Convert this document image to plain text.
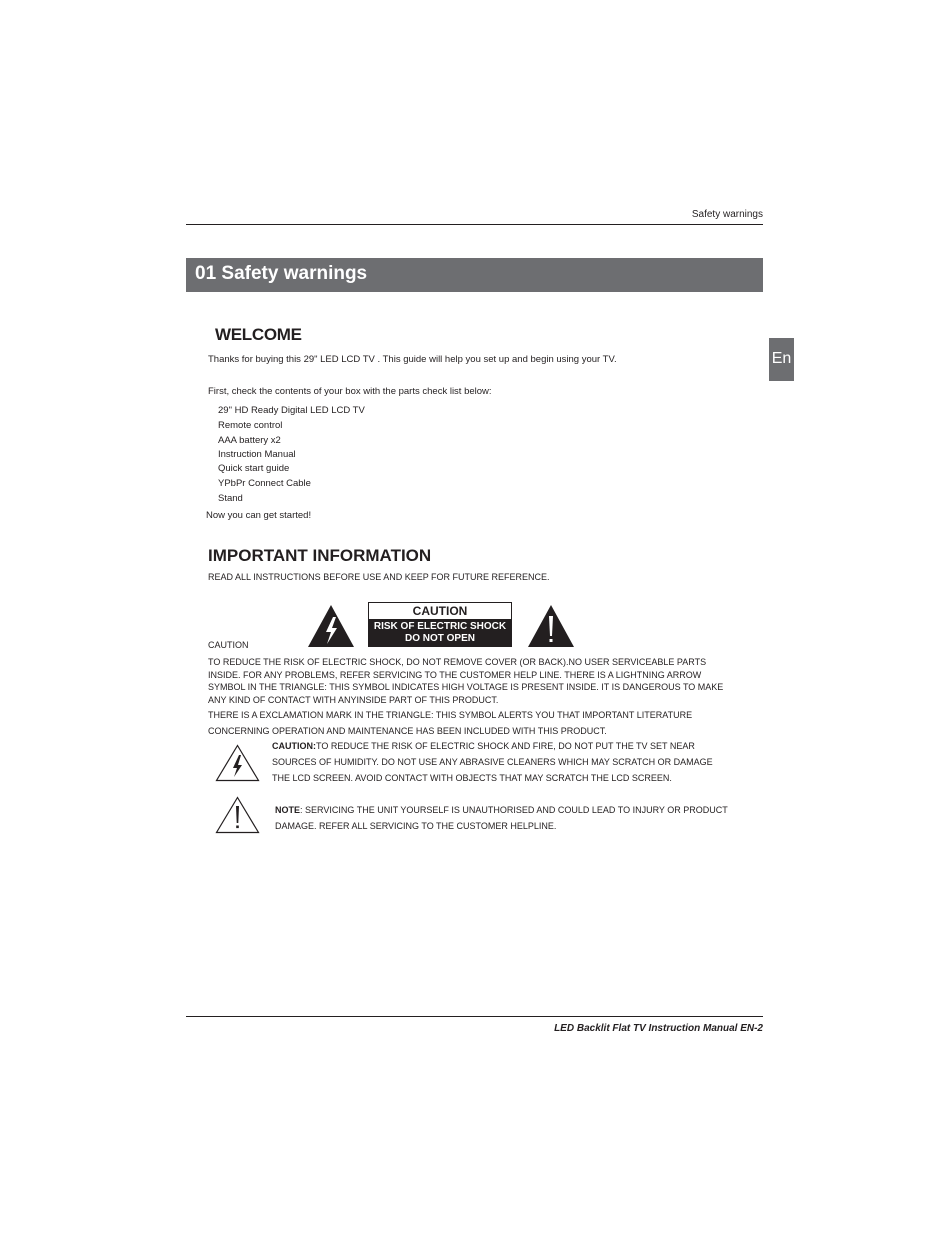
Safety warnings
01 Safety warnings
En
WELCOME
Thanks for buying this 29" LED LCD TV . This guide will help you set up and begin using your TV.
First, check the contents of your box with the parts check list below:
29" HD Ready Digital LED LCD TV
Remote control
AAA battery x2
Instruction Manual
Quick start guide
YPbPr Connect Cable
Stand
Now you can get started!
IMPORTANT INFORMATION
READ ALL INSTRUCTIONS BEFORE USE AND KEEP FOR FUTURE REFERENCE.
CAUTION
RISK OF ELECTRIC SHOCK
DO NOT OPEN
CAUTION
TO REDUCE THE RISK OF ELECTRIC SHOCK, DO NOT REMOVE COVER (OR BACK).NO USER SERVICEABLE PARTS INSIDE. FOR ANY PROBLEMS, REFER SERVICING TO THE CUSTOMER HELP LINE. THERE IS A LIGHTNING ARROW SYMBOL IN THE TRIANGLE: THIS SYMBOL INDICATES HIGH VOLTAGE IS PRESENT INSIDE. IT IS DANGEROUS TO MAKE ANY KIND OF CONTACT WITH ANYINSIDE PART OF THIS PRODUCT.
THERE IS A EXCLAMATION MARK IN THE TRIANGLE: THIS SYMBOL ALERTS YOU THAT IMPORTANT LITERATURE
CONCERNING OPERATION AND MAINTENANCE HAS BEEN INCLUDED WITH THIS PRODUCT.
CAUTION:TO REDUCE THE RISK OF ELECTRIC SHOCK AND FIRE, DO NOT PUT THE TV SET NEAR
SOURCES OF HUMIDITY. DO NOT USE ANY ABRASIVE CLEANERS WHICH MAY SCRATCH OR DAMAGE
THE LCD SCREEN. AVOID CONTACT WITH OBJECTS THAT MAY SCRATCH THE LCD SCREEN.
NOTE: SERVICING THE UNIT YOURSELF IS UNAUTHORISED AND COULD LEAD TO INJURY OR PRODUCT
DAMAGE. REFER ALL SERVICING TO THE CUSTOMER HELPLINE.
LED Backlit Flat TV Instruction Manual EN-2
